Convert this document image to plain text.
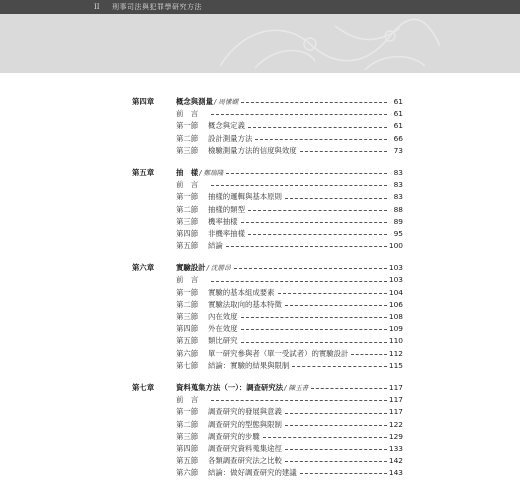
II 刑事司法與犯罪學研究方法
第四章	概念與測量 / 周愫嫻	61
前　言	61
第一節	概念與定義	61
第二節	設計測量方法	66
第三節	檢驗測量方法的信度與效度	73
第五章	抽　樣 / 鄭瑞隆	83
前　言	83
第一節	抽樣的邏輯與基本原則	83
第二節	抽樣的類型	88
第三節	機率抽樣	89
第四節	非機率抽樣	95
第五節	結論	100
第六章	實驗設計 / 沈勝昂	103
前　言	103
第一節	實驗的基本組成要素	104
第二節	實驗法取向的基本特徵	106
第三節	內在效度	108
第四節	外在效度	109
第五節	類比研究	110
第六節	單一研究參與者（單一受試者）的實驗設計	112
第七節	結論：實驗的結果與限制	115
第七章	資料蒐集方法（一）：調查研究法 / 陳玉書	117
前　言	117
第一節	調查研究的發展與意義	117
第二節	調查研究的型態與限制	122
第三節	調查研究的步驟	129
第四節	調查研究資料蒐集途徑	133
第五節	各類調查研究法之比較	142
第六節	結論：做好調查研究的建議	143
